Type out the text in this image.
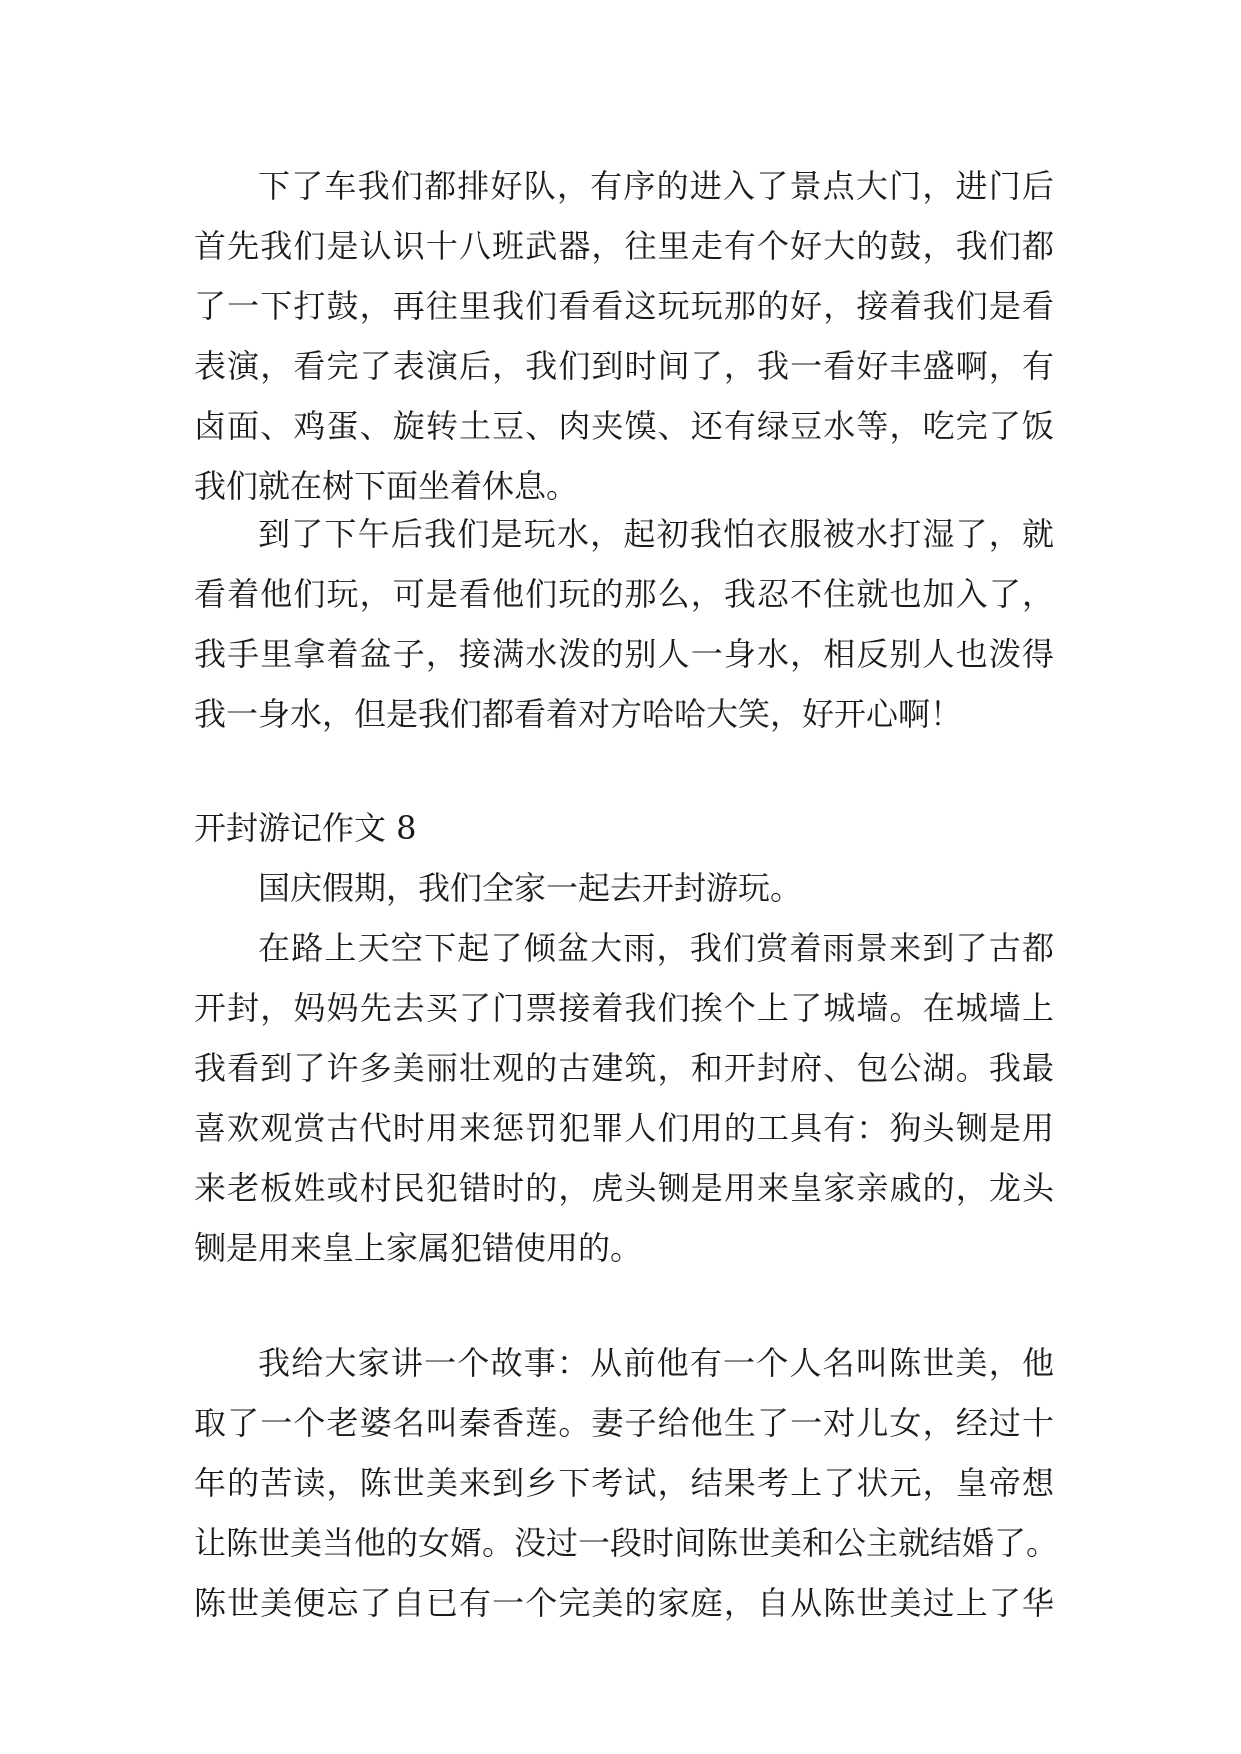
下了车我们都排好队，有序的进入了景点大门，进门后
首先我们是认识十八班武器，往里走有个好大的鼓，我们都
了一下打鼓，再往里我们看看这玩玩那的好，接着我们是看
表演，看完了表演后，我们到时间了，我一看好丰盛啊，有
卤面、鸡蛋、旋转土豆、肉夹馍、还有绿豆水等，吃完了饭
我们就在树下面坐着休息。
到了下午后我们是玩水，起初我怕衣服被水打湿了，就
看着他们玩，可是看他们玩的那么，我忍不住就也加入了，
我手里拿着盆子，接满水泼的别人一身水，相反别人也泼得
我一身水，但是我们都看着对方哈哈大笑，好开心啊！
开封游记作文 8
国庆假期，我们全家一起去开封游玩。
在路上天空下起了倾盆大雨，我们赏着雨景来到了古都
开封，妈妈先去买了门票接着我们挨个上了城墙。在城墙上
我看到了许多美丽壮观的古建筑，和开封府、包公湖。我最
喜欢观赏古代时用来惩罚犯罪人们用的工具有：狗头铡是用
来老板姓或村民犯错时的，虎头铡是用来皇家亲戚的，龙头
铡是用来皇上家属犯错使用的。
我给大家讲一个故事：从前他有一个人名叫陈世美，他
取了一个老婆名叫秦香莲。妻子给他生了一对儿女，经过十
年的苦读，陈世美来到乡下考试，结果考上了状元，皇帝想
让陈世美当他的女婿。没过一段时间陈世美和公主就结婚了。
陈世美便忘了自已有一个完美的家庭，自从陈世美过上了华
